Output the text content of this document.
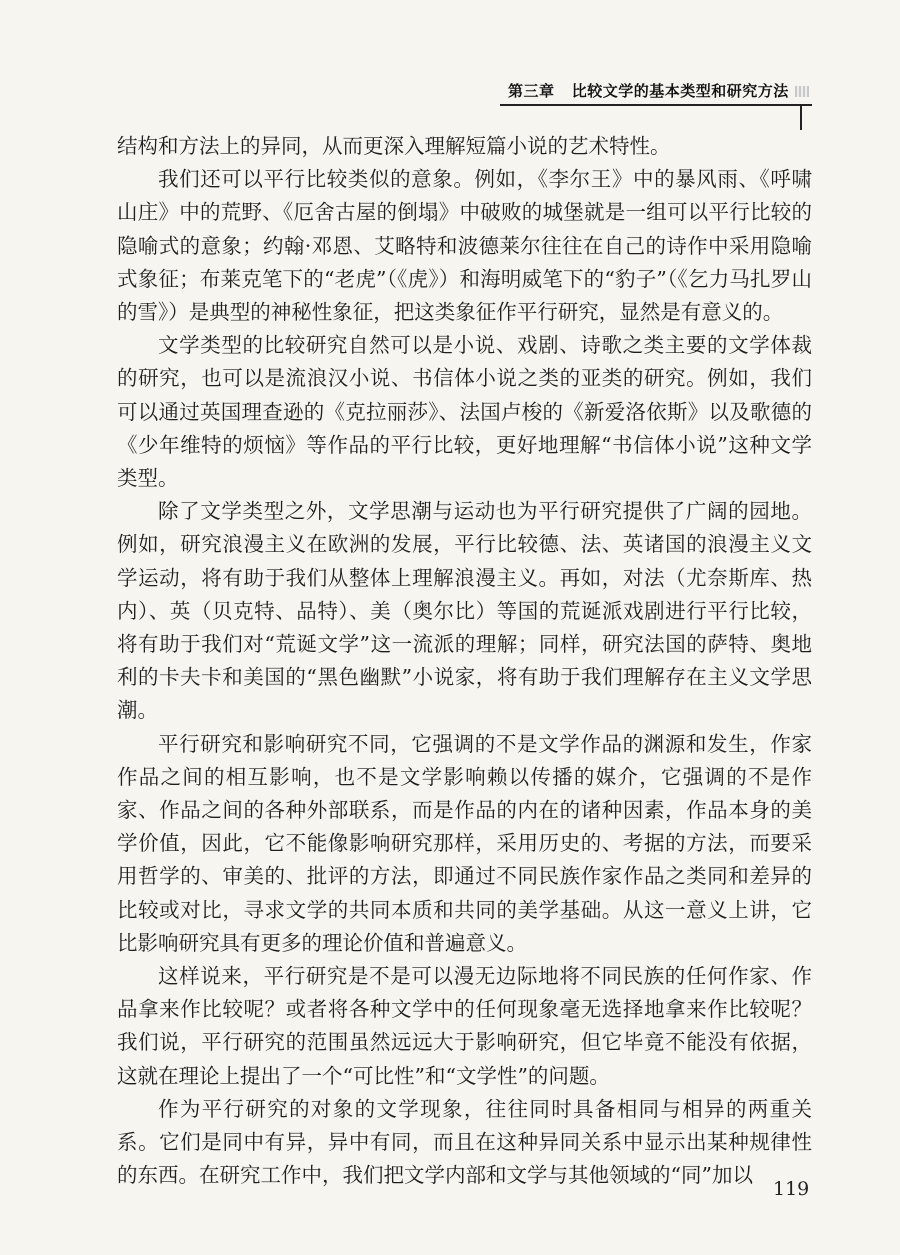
第三章 比较文学的基本类型和研究方法

结构和方法上的异同，从而更深入理解短篇小说的艺术特性。

我们还可以平行比较类似的意象。例如，《李尔王》中的暴风雨、《呼啸山庄》中的荒野、《厄舍古屋的倒塌》中破败的城堡就是一组可以平行比较的隐喻式的意象；约翰·邓恩、艾略特和波德莱尔往往在自己的诗作中采用隐喻式象征；布莱克笔下的“老虎”（《虎》）和海明威笔下的“豹子”（《乞力马扎罗山的雪》）是典型的神秘性象征，把这类象征作平行研究，显然是有意义的。

文学类型的比较研究自然可以是小说、戏剧、诗歌之类主要的文学体裁的研究，也可以是流浪汉小说、书信体小说之类的亚类的研究。例如，我们可以通过英国理查逊的《克拉丽莎》、法国卢梭的《新爱洛依斯》以及歌德的《少年维特的烦恼》等作品的平行比较，更好地理解“书信体小说”这种文学类型。

除了文学类型之外，文学思潮与运动也为平行研究提供了广阔的园地。例如，研究浪漫主义在欧洲的发展，平行比较德、法、英诸国的浪漫主义文学运动，将有助于我们从整体上理解浪漫主义。再如，对法（尤奈斯库、热内）、英（贝克特、品特）、美（奥尔比）等国的荒诞派戏剧进行平行比较，将有助于我们对“荒诞文学”这一流派的理解；同样，研究法国的萨特、奥地利的卡夫卡和美国的“黑色幽默”小说家，将有助于我们理解存在主义文学思潮。

平行研究和影响研究不同，它强调的不是文学作品的渊源和发生，作家作品之间的相互影响，也不是文学影响赖以传播的媒介，它强调的不是作家、作品之间的各种外部联系，而是作品的内在的诸种因素，作品本身的美学价值，因此，它不能像影响研究那样，采用历史的、考据的方法，而要采用哲学的、审美的、批评的方法，即通过不同民族作家作品之类同和差异的比较或对比，寻求文学的共同本质和共同的美学基础。从这一意义上讲，它比影响研究具有更多的理论价值和普遍意义。

这样说来，平行研究是不是可以漫无边际地将不同民族的任何作家、作品拿来作比较呢？或者将各种文学中的任何现象毫无选择地拿来作比较呢？我们说，平行研究的范围虽然远远大于影响研究，但它毕竟不能没有依据，这就在理论上提出了一个“可比性”和“文学性”的问题。

作为平行研究的对象的文学现象，往往同时具备相同与相异的两重关系。它们是同中有异，异中有同，而且在这种异同关系中显示出某种规律性的东西。在研究工作中，我们把文学内部和文学与其他领域的“同”加以

119
